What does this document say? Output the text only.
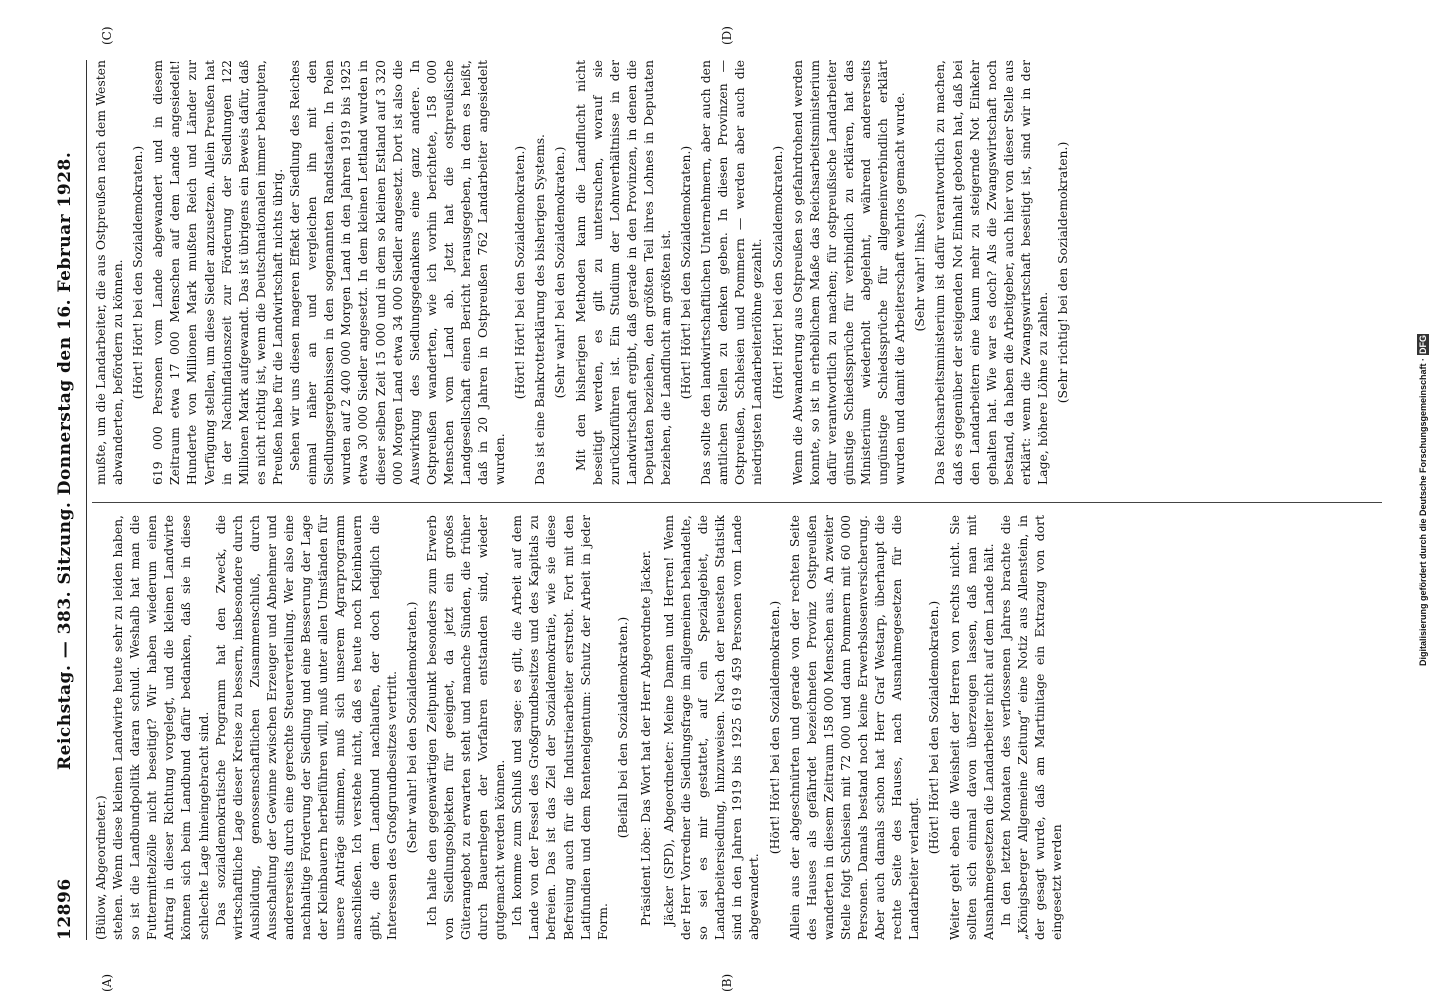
12896
Reichstag. — 383. Sitzung. Donnerstag den 16. Februar 1928.

(Bülow, Abgeordneter.) stehen. Wenn diese kleinen Landwirte heute sehr zu leiden haben, so ist die Landbundpolitik daran schuld. Weshalb hat man die Futtermittelzölle nicht beseitigt? Wir haben wiederum einen Antrag in dieser Richtung vorgelegt, und die kleinen Landwirte können sich beim Landbund dafür bedanken, daß sie in diese schlechte Lage hineingebracht sind. Das sozialdemokratische Programm hat den Zweck, die wirtschaftliche Lage dieser Kreise zu bessern, insbesondere durch Ausbildung, genossenschaftlichen Zusammenschluß, durch Ausschaltung der Gewinne zwischen Erzeuger und Abnehmer und andererseits durch eine gerechte Steuerverteilung. Wer also eine nachhaltige Förderung der Siedlung und eine Besserung der Lage der Kleinbauern herbeiführen will, muß unter allen Umständen für unsere Anträge stimmen, muß sich unserem Agrarprogramm anschließen. Ich verstehe nicht, daß es heute noch Kleinbauern gibt, die dem Landbund nachlaufen, der doch lediglich die Interessen des Großgrundbesitzes vertritt. (Sehr wahr! bei den Sozialdemokraten.) Ich halte den gegenwärtigen Zeitpunkt besonders zum Erwerb von Siedlungsobjekten für geeignet, da jetzt ein großes Güterangebot zu erwarten steht und manche Sünden, die früher durch Bauernlegen der Vorfahren entstanden sind, wieder gutgemacht werden können. Ich komme zum Schluß und sage: es gilt, die Arbeit auf dem Lande von der Fessel des Großgrundbesitzes und des Kapitals zu befreien. Das ist das Ziel der Sozialdemokratie, wie sie diese Befreiung auch für die Industriearbeiter erstrebt. Fort mit den Latifundien und dem Rentenelgentum: Schutz der Arbeit in jeder Form.

(Beifall bei den Sozialdemokraten.) Präsident Löbe: Das Wort hat der Herr Abgeordnete Jäcker. Jäcker (SPD), Abgeordneter: Meine Damen und Herren! Wenn der Herr Vorredner die Siedlungsfrage im allgemeinen behandelte, so sei es mir gestattet, auf ein Spezialgebiet, die Landarbeitersiedlung, hinzuweisen. Nach der neuesten Statistik sind in den Jahren 1919 bis 1925 619 459 Personen vom Lande abgewandert.

(Hört! Hört! bei den Sozialdemokraten.) Allein aus der abgeschnürten und gerade von der rechten Seite des Hauses als gefährdet bezeichneten Provinz Ostpreußen wanderten in diesem Zeitraum 158 000 Menschen aus. An zweiter Stelle folgt Schlesien mit 72 000 und dann Pommern mit 60 000 Personen. Damals bestand noch keine Erwerbslosenversicherung. Aber auch damals schon hat Herr Graf Westarp, überhaupt die rechte Seite des Hauses, nach Ausnahmegesetzen für die Landarbeiter verlangt.

(Hört! Hört! bei den Sozialdemokraten.) Weiter geht eben die Weisheit der Herren von rechts nicht. Sie sollten sich einmal davon überzeugen lassen, daß man mit Ausnahmegesetzen die Landarbeiter nicht auf dem Lande hält. In den letzten Monaten des verflossenen Jahres brachte die „Königsberger Allgemeine Zeitung“ eine Notiz aus Allenstein, in der gesagt wurde, daß am Martinitage ein Extrazug von dort eingesetzt werden

mußte, um die Landarbeiter, die aus Ostpreußen nach dem Westen abwanderten, befördern zu können. (Hört! Hört! bei den Sozialdemokraten.) 619 000 Personen vom Lande abgewandert und in diesem Zeitraum etwa 17 000 Menschen auf dem Lande angesiedelt! Hunderte von Millionen Mark mußten Reich und Länder zur Verfügung stellen, um diese Siedler anzusetzen. Allein Preußen hat in der Nachinflationszeit zur Förderung der Siedlungen 122 Millionen Mark aufgewandt. Das ist übrigens ein Beweis dafür, daß es nicht richtig ist, wenn die Deutschnationalen immer behaupten, Preußen habe für die Landwirtschaft nichts übrig. Sehen wir uns diesen mageren Effekt der Siedlung des Reiches einmal näher an und vergleichen ihn mit den Siedlungsergebnissen in den sogenannten Randstaaten. In Polen wurden auf 2 400 000 Morgen Land in den Jahren 1919 bis 1925 etwa 30 000 Siedler angesetzt. In dem kleinen Lettland wurden in dieser selben Zeit 15 000 und in dem so kleinen Estland auf 3 320 000 Morgen Land etwa 34 000 Siedler angesetzt. Dort ist also die Auswirkung des Siedlungsgedankens eine ganz andere. In Ostpreußen wanderten, wie ich vorhin berichtete, 158 000 Menschen vom Land ab. Jetzt hat die ostpreußische Landgesellschaft einen Bericht herausgegeben, in dem es heißt, daß in 20 Jahren in Ostpreußen 762 Landarbeiter angesiedelt wurden.

(Hört! Hört! bei den Sozialdemokraten.) Das ist eine Bankrotterklärung des bisherigen Systems. (Sehr wahr! bei den Sozialdemokraten.) Mit den bisherigen Methoden kann die Landflucht nicht beseitigt werden, es gilt zu untersuchen, worauf sie zurückzuführen ist. Ein Studium der Lohnverhältnisse in der Landwirtschaft ergibt, daß gerade in den Provinzen, in denen die Deputaten beziehen, den größten Teil ihres Lohnes in Deputaten beziehen, die Landflucht am größten ist. (Hört! Hört! bei den Sozialdemokraten.) Das sollte den landwirtschaftlichen Unternehmern, aber auch den amtlichen Stellen zu denken geben. In diesen Provinzen — Ostpreußen, Schlesien und Pommern — werden aber auch die niedrigsten Landarbeiterlöhne gezahlt. (Hört! Hört! bei den Sozialdemokraten.) Wenn die Abwanderung aus Ostpreußen so gefahrdrohend werden konnte, so ist in erheblichem Maße das Reichsarbeitsministerium dafür verantwortlich zu machen; für ostpreußische Landarbeiter günstige Schiedssprüche für verbindlich zu erklären, hat das Ministerium wiederholt abgelehnt, während andererseits ungünstige Schiedssprüche für allgemeinverbindlich erklärt wurden und damit die Arbeiterschaft wehrlos gemacht wurde. (Sehr wahr! links.) Das Reichsarbeitsministerium ist dafür verantwortlich zu machen, daß es gegenüber der steigenden Not Einhalt geboten hat, daß bei den Landarbeitern eine kaum mehr zu steigernde Not Einkehr gehalten hat. Wie war es doch? Als die Zwangswirtschaft noch bestand, da haben die Arbeitgeber, auch hier von dieser Stelle aus erklärt: wenn die Zwangswirtschaft beseitigt ist, sind wir in der Lage, höhere Löhne zu zahlen. (Sehr richtig! bei den Sozialdemokraten.)

(A)	(B)
(C)	(D)
Digitalisierung gefördert durch die Deutsche Forschungsgemeinschaft · DFG
